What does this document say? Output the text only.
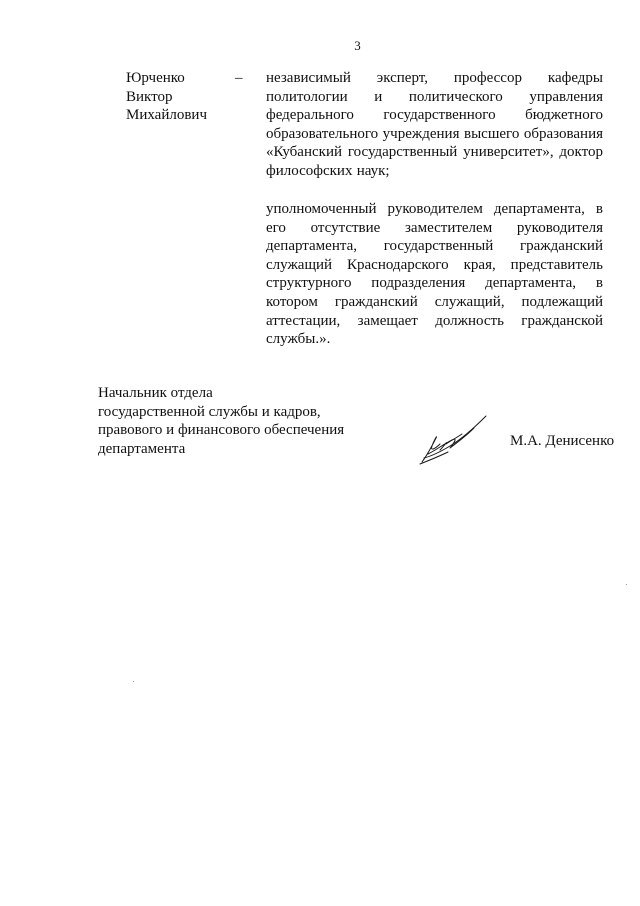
3
Юрченко
Виктор
Михайлович
– независимый эксперт, профессор кафедры политологии и политического управления федерального государственного бюджетного образовательного учреждения высшего образования «Кубанский государственный университет», доктор философских наук;
уполномоченный руководителем департамента, в его отсутствие заместителем руководителя департамента, государственный гражданский служащий Краснодарского края, представитель структурного подразделения департамента, в котором гражданский служащий, подлежащий аттестации, замещает должность гражданской службы.».
Начальник отдела
государственной службы и кадров,
правового и финансового обеспечения
департамента	М.А. Денисенко
